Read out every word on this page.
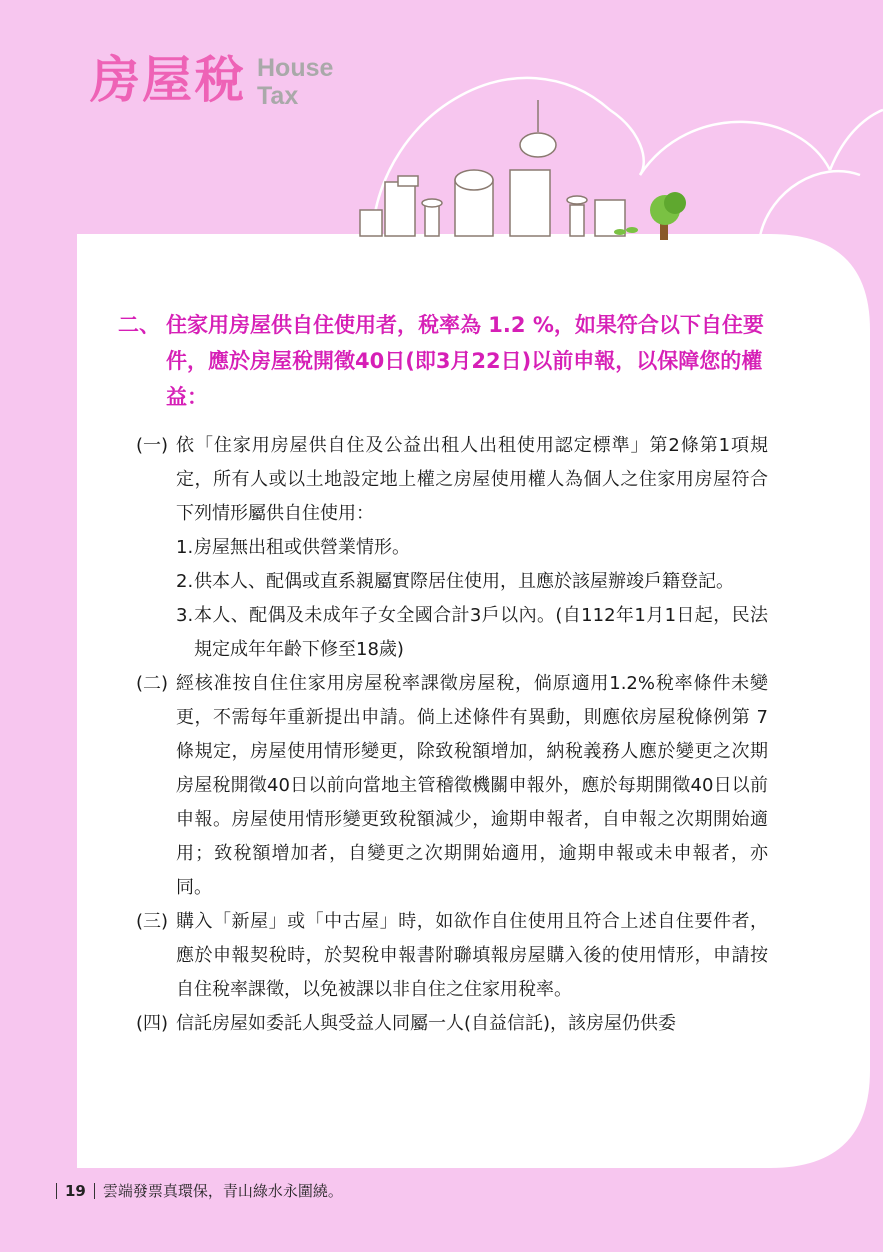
房屋稅 House
Tax
二、 住家用房屋供自住使用者，稅率為 1.2 %，如果符合以下自住要件，應於房屋稅開徵40日(即3月22日)以前申報，以保障您的權益：
(一) 依「住家用房屋供自住及公益出租人出租使用認定標準」第2條第1項規定，所有人或以土地設定地上權之房屋使用權人為個人之住家用房屋符合下列情形屬供自住使用：
1. 房屋無出租或供營業情形。
2. 供本人、配偶或直系親屬實際居住使用，且應於該屋辦竣戶籍登記。
3. 本人、配偶及未成年子女全國合計3戶以內。(自112年1月1日起，民法規定成年年齡下修至18歲)
(二) 經核准按自住住家用房屋稅率課徵房屋稅，倘原適用1.2%稅率條件未變更，不需每年重新提出申請。倘上述條件有異動，則應依房屋稅條例第 7 條規定，房屋使用情形變更，除致稅額增加，納稅義務人應於變更之次期房屋稅開徵40日以前向當地主管稽徵機關申報外，應於每期開徵40日以前申報。房屋使用情形變更致稅額減少，逾期申報者，自申報之次期開始適用；致稅額增加者，自變更之次期開始適用，逾期申報或未申報者，亦同。
(三) 購入「新屋」或「中古屋」時，如欲作自住使用且符合上述自住要件者，應於申報契稅時，於契稅申報書附聯填報房屋購入後的使用情形，申請按自住稅率課徵，以免被課以非自住之住家用稅率。
(四) 信託房屋如委託人與受益人同屬一人(自益信託)，該房屋仍供委
19 雲端發票真環保，青山綠水永圍繞。
